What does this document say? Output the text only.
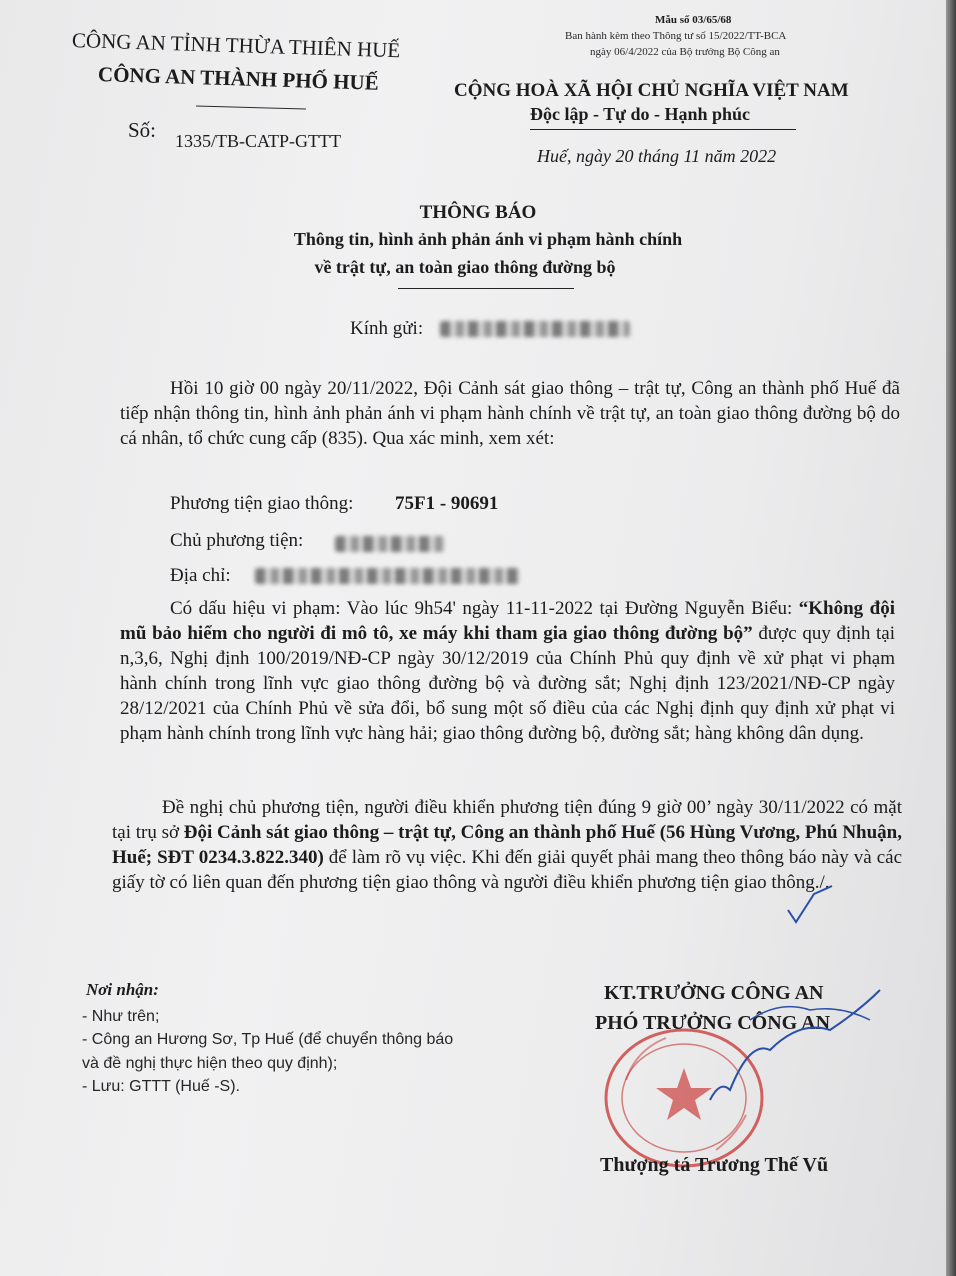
Mẫu số 03/65/68
Ban hành kèm theo Thông tư số 15/2022/TT-BCA
ngày 06/4/2022 của Bộ trưởng Bộ Công an
CÔNG AN TỈNH THỪA THIÊN HUẾ
CÔNG AN THÀNH PHỐ HUẾ
Số: 1335/TB-CATP-GTTT
CỘNG HOÀ XÃ HỘI CHỦ NGHĨA VIỆT NAM
Độc lập - Tự do - Hạnh phúc
Huế, ngày 20 tháng 11 năm 2022
THÔNG BÁO
Thông tin, hình ảnh phản ánh vi phạm hành chính
về trật tự, an toàn giao thông đường bộ
Kính gửi:
Hồi 10 giờ 00 ngày 20/11/2022, Đội Cảnh sát giao thông – trật tự, Công an thành phố Huế đã tiếp nhận thông tin, hình ảnh phản ánh vi phạm hành chính về trật tự, an toàn giao thông đường bộ do cá nhân, tổ chức cung cấp (835). Qua xác minh, xem xét:
Phương tiện giao thông: 75F1 - 90691
Chủ phương tiện:
Địa chỉ:
Có dấu hiệu vi phạm: Vào lúc 9h54' ngày 11-11-2022 tại Đường Nguyễn Biểu: “Không đội mũ bảo hiểm cho người đi mô tô, xe máy khi tham gia giao thông đường bộ” được quy định tại n,3,6, Nghị định 100/2019/NĐ-CP ngày 30/12/2019 của Chính Phủ quy định về xử phạt vi phạm hành chính trong lĩnh vực giao thông đường bộ và đường sắt; Nghị định 123/2021/NĐ-CP ngày 28/12/2021 của Chính Phủ về sửa đổi, bổ sung một số điều của các Nghị định quy định xử phạt vi phạm hành chính trong lĩnh vực hàng hải; giao thông đường bộ, đường sắt; hàng không dân dụng.
Đề nghị chủ phương tiện, người điều khiển phương tiện đúng 9 giờ 00’ ngày 30/11/2022 có mặt tại trụ sở Đội Cảnh sát giao thông – trật tự, Công an thành phố Huế (56 Hùng Vương, Phú Nhuận, Huế; SĐT 0234.3.822.340) để làm rõ vụ việc. Khi đến giải quyết phải mang theo thông báo này và các giấy tờ có liên quan đến phương tiện giao thông và người điều khiển phương tiện giao thông./.
Nơi nhận:
- Như trên;
- Công an Hương Sơ, Tp Huế (để chuyển thông báo
và đề nghị thực hiện theo quy định);
- Lưu: GTTT (Huế -S).
KT.TRƯỞNG CÔNG AN
PHÓ TRƯỞNG CÔNG AN
Thượng tá Trương Thế Vũ
